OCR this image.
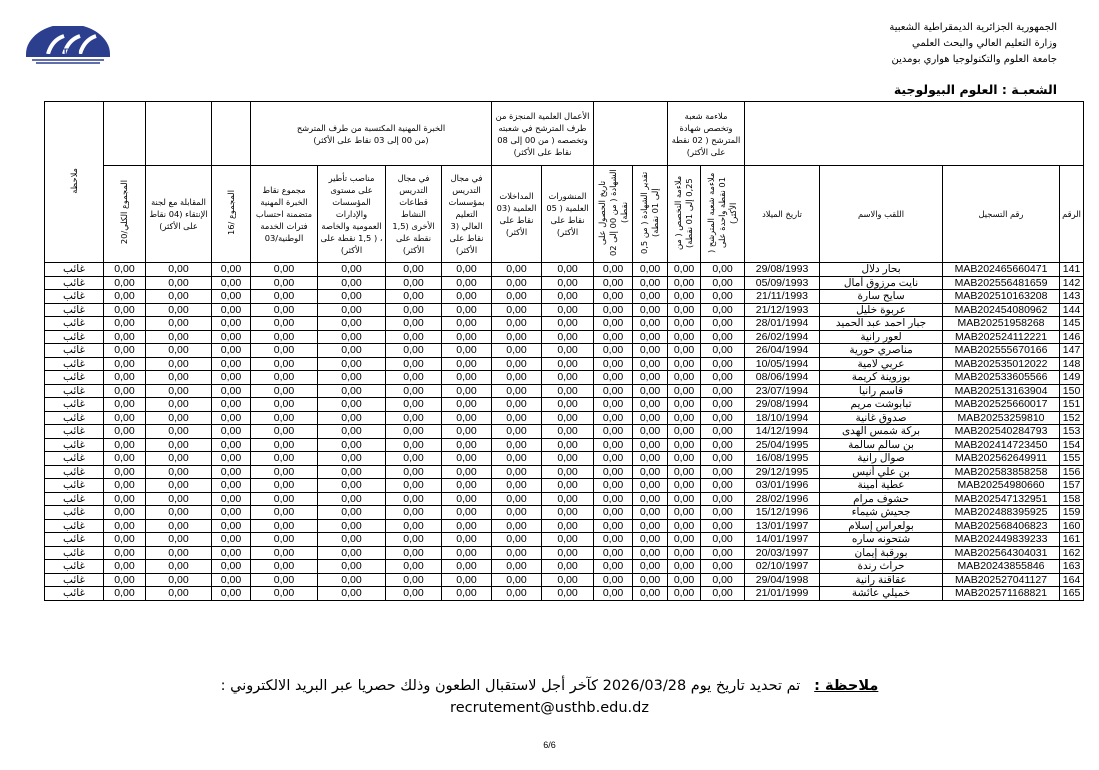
USTHB
الجمهورية الجزائرية الديمقراطية الشعبية
وزارة التعليم العالي والبحث العلمي
جامعة العلوم والتكنولوجيا هواري بومدين
الشعبـة : العلوم البيولوجية
				ملاءمة شعبة وتخصص شهادة المترشح ( 02 نقطة على الأكثر)				الأعمال العلمية المنجزة من طرف المترشح في شعبته وتخصصه ( من 00 إلى 08 نقاط على الأكثر)		الخبرة المهنية المكتسبة من طرف المترشح (من 00 إلى 03 نقاط على الأكثر)							ملاحظة
الرقم	رقم التسجيل	اللقب والاسم	تاريخ الميلاد	ملاءمة شعبة المترشح ( 01 نقطة واحدة على الأكثر)	ملاءمة التخصص ( من 0,25 إلى 01 نقطة)	تقدير الشهادة ( من 0,5 إلى 01 نقطة)	تاريخ الحصول على الشهادة ( من 00 إلى 02 نقطة)	المنشورات العلمية ( 05 نقاط على الأكثر)	المداخلات العلمية (03 نقاط على الأكثر)	في مجال التدريس بمؤسسات التعليم العالي (3 نقاط على الأكثر)	في مجال التدريس قطاعات النشاط الأخرى (1,5 نقطة على الأكثر)	مناصب تأطير على مستوى المؤسسات والإدارات العمومية والخاصة ، ( 1,5 نقطة على الأكثر)	مجموع نقاط الخبرة المهنية متضمنة احتساب فترات الخدمة الوطنية/03	المجموع /16	المقابلة مع لجنة الإنتقاء (04 نقاط على الأكثر)	المجموع الكلي/20	
141	MAB202465660471	بحار دلال	29/08/1993	0,00	0,00	0,00	0,00	0,00	0,00	0,00	0,00	0,00	0,00	0,00	0,00	0,00	غائب
142	MAB202556481659	نايت مرزوق أمال	05/09/1993	0,00	0,00	0,00	0,00	0,00	0,00	0,00	0,00	0,00	0,00	0,00	0,00	0,00	غائب
143	MAB202510163208	سايح سارة	21/11/1993	0,00	0,00	0,00	0,00	0,00	0,00	0,00	0,00	0,00	0,00	0,00	0,00	0,00	غائب
144	MAB202454080962	عربوة خليل	21/12/1993	0,00	0,00	0,00	0,00	0,00	0,00	0,00	0,00	0,00	0,00	0,00	0,00	0,00	غائب
145	MAB20251958268	جبار احمد عبد الحميد	28/01/1994	0,00	0,00	0,00	0,00	0,00	0,00	0,00	0,00	0,00	0,00	0,00	0,00	0,00	غائب
146	MAB202524112221	لعور رانية	26/02/1994	0,00	0,00	0,00	0,00	0,00	0,00	0,00	0,00	0,00	0,00	0,00	0,00	0,00	غائب
147	MAB202555670166	مناصري حورية	26/04/1994	0,00	0,00	0,00	0,00	0,00	0,00	0,00	0,00	0,00	0,00	0,00	0,00	0,00	غائب
148	MAB202535012022	عربي لامية	10/05/1994	0,00	0,00	0,00	0,00	0,00	0,00	0,00	0,00	0,00	0,00	0,00	0,00	0,00	غائب
149	MAB202533605566	بوزوينة كريمة	08/06/1994	0,00	0,00	0,00	0,00	0,00	0,00	0,00	0,00	0,00	0,00	0,00	0,00	0,00	غائب
150	MAB202513163904	قاسم رانيا	23/07/1994	0,00	0,00	0,00	0,00	0,00	0,00	0,00	0,00	0,00	0,00	0,00	0,00	0,00	غائب
151	MAB202525660017	تبابوشت مريم	29/08/1994	0,00	0,00	0,00	0,00	0,00	0,00	0,00	0,00	0,00	0,00	0,00	0,00	0,00	غائب
152	MAB20253259810	صدوق غانية	18/10/1994	0,00	0,00	0,00	0,00	0,00	0,00	0,00	0,00	0,00	0,00	0,00	0,00	0,00	غائب
153	MAB202540284793	بركة شمس الهدى	14/12/1994	0,00	0,00	0,00	0,00	0,00	0,00	0,00	0,00	0,00	0,00	0,00	0,00	0,00	غائب
154	MAB202414723450	بن سالم سالمة	25/04/1995	0,00	0,00	0,00	0,00	0,00	0,00	0,00	0,00	0,00	0,00	0,00	0,00	0,00	غائب
155	MAB202562649911	صوال رانية	16/08/1995	0,00	0,00	0,00	0,00	0,00	0,00	0,00	0,00	0,00	0,00	0,00	0,00	0,00	غائب
156	MAB202583858258	بن علي أنيس	29/12/1995	0,00	0,00	0,00	0,00	0,00	0,00	0,00	0,00	0,00	0,00	0,00	0,00	0,00	غائب
157	MAB20254980660	عطية أمينة	03/01/1996	0,00	0,00	0,00	0,00	0,00	0,00	0,00	0,00	0,00	0,00	0,00	0,00	0,00	غائب
158	MAB202547132951	حشوف مرام	28/02/1996	0,00	0,00	0,00	0,00	0,00	0,00	0,00	0,00	0,00	0,00	0,00	0,00	0,00	غائب
159	MAB202488395925	جحيش شيماء	15/12/1996	0,00	0,00	0,00	0,00	0,00	0,00	0,00	0,00	0,00	0,00	0,00	0,00	0,00	غائب
160	MAB202568406823	بولعراس إسلام	13/01/1997	0,00	0,00	0,00	0,00	0,00	0,00	0,00	0,00	0,00	0,00	0,00	0,00	0,00	غائب
161	MAB202449839233	شتحونه ساره	14/01/1997	0,00	0,00	0,00	0,00	0,00	0,00	0,00	0,00	0,00	0,00	0,00	0,00	0,00	غائب
162	MAB202564304031	بورقبة إيمان	20/03/1997	0,00	0,00	0,00	0,00	0,00	0,00	0,00	0,00	0,00	0,00	0,00	0,00	0,00	غائب
163	MAB20243855846	حراث رندة	02/10/1997	0,00	0,00	0,00	0,00	0,00	0,00	0,00	0,00	0,00	0,00	0,00	0,00	0,00	غائب
164	MAB202527041127	عقاقنة رانية	29/04/1998	0,00	0,00	0,00	0,00	0,00	0,00	0,00	0,00	0,00	0,00	0,00	0,00	0,00	غائب
165	MAB202571168821	خميلي عائشة	21/01/1999	0,00	0,00	0,00	0,00	0,00	0,00	0,00	0,00	0,00	0,00	0,00	0,00	0,00	غائب
ملاحظة :   تم تحديد تاريخ يوم 2026/03/28 كآخر أجل لاستقبال الطعون وذلك حصريا عبر البريد الالكتروني :
recrutement@usthb.edu.dz
6/6
